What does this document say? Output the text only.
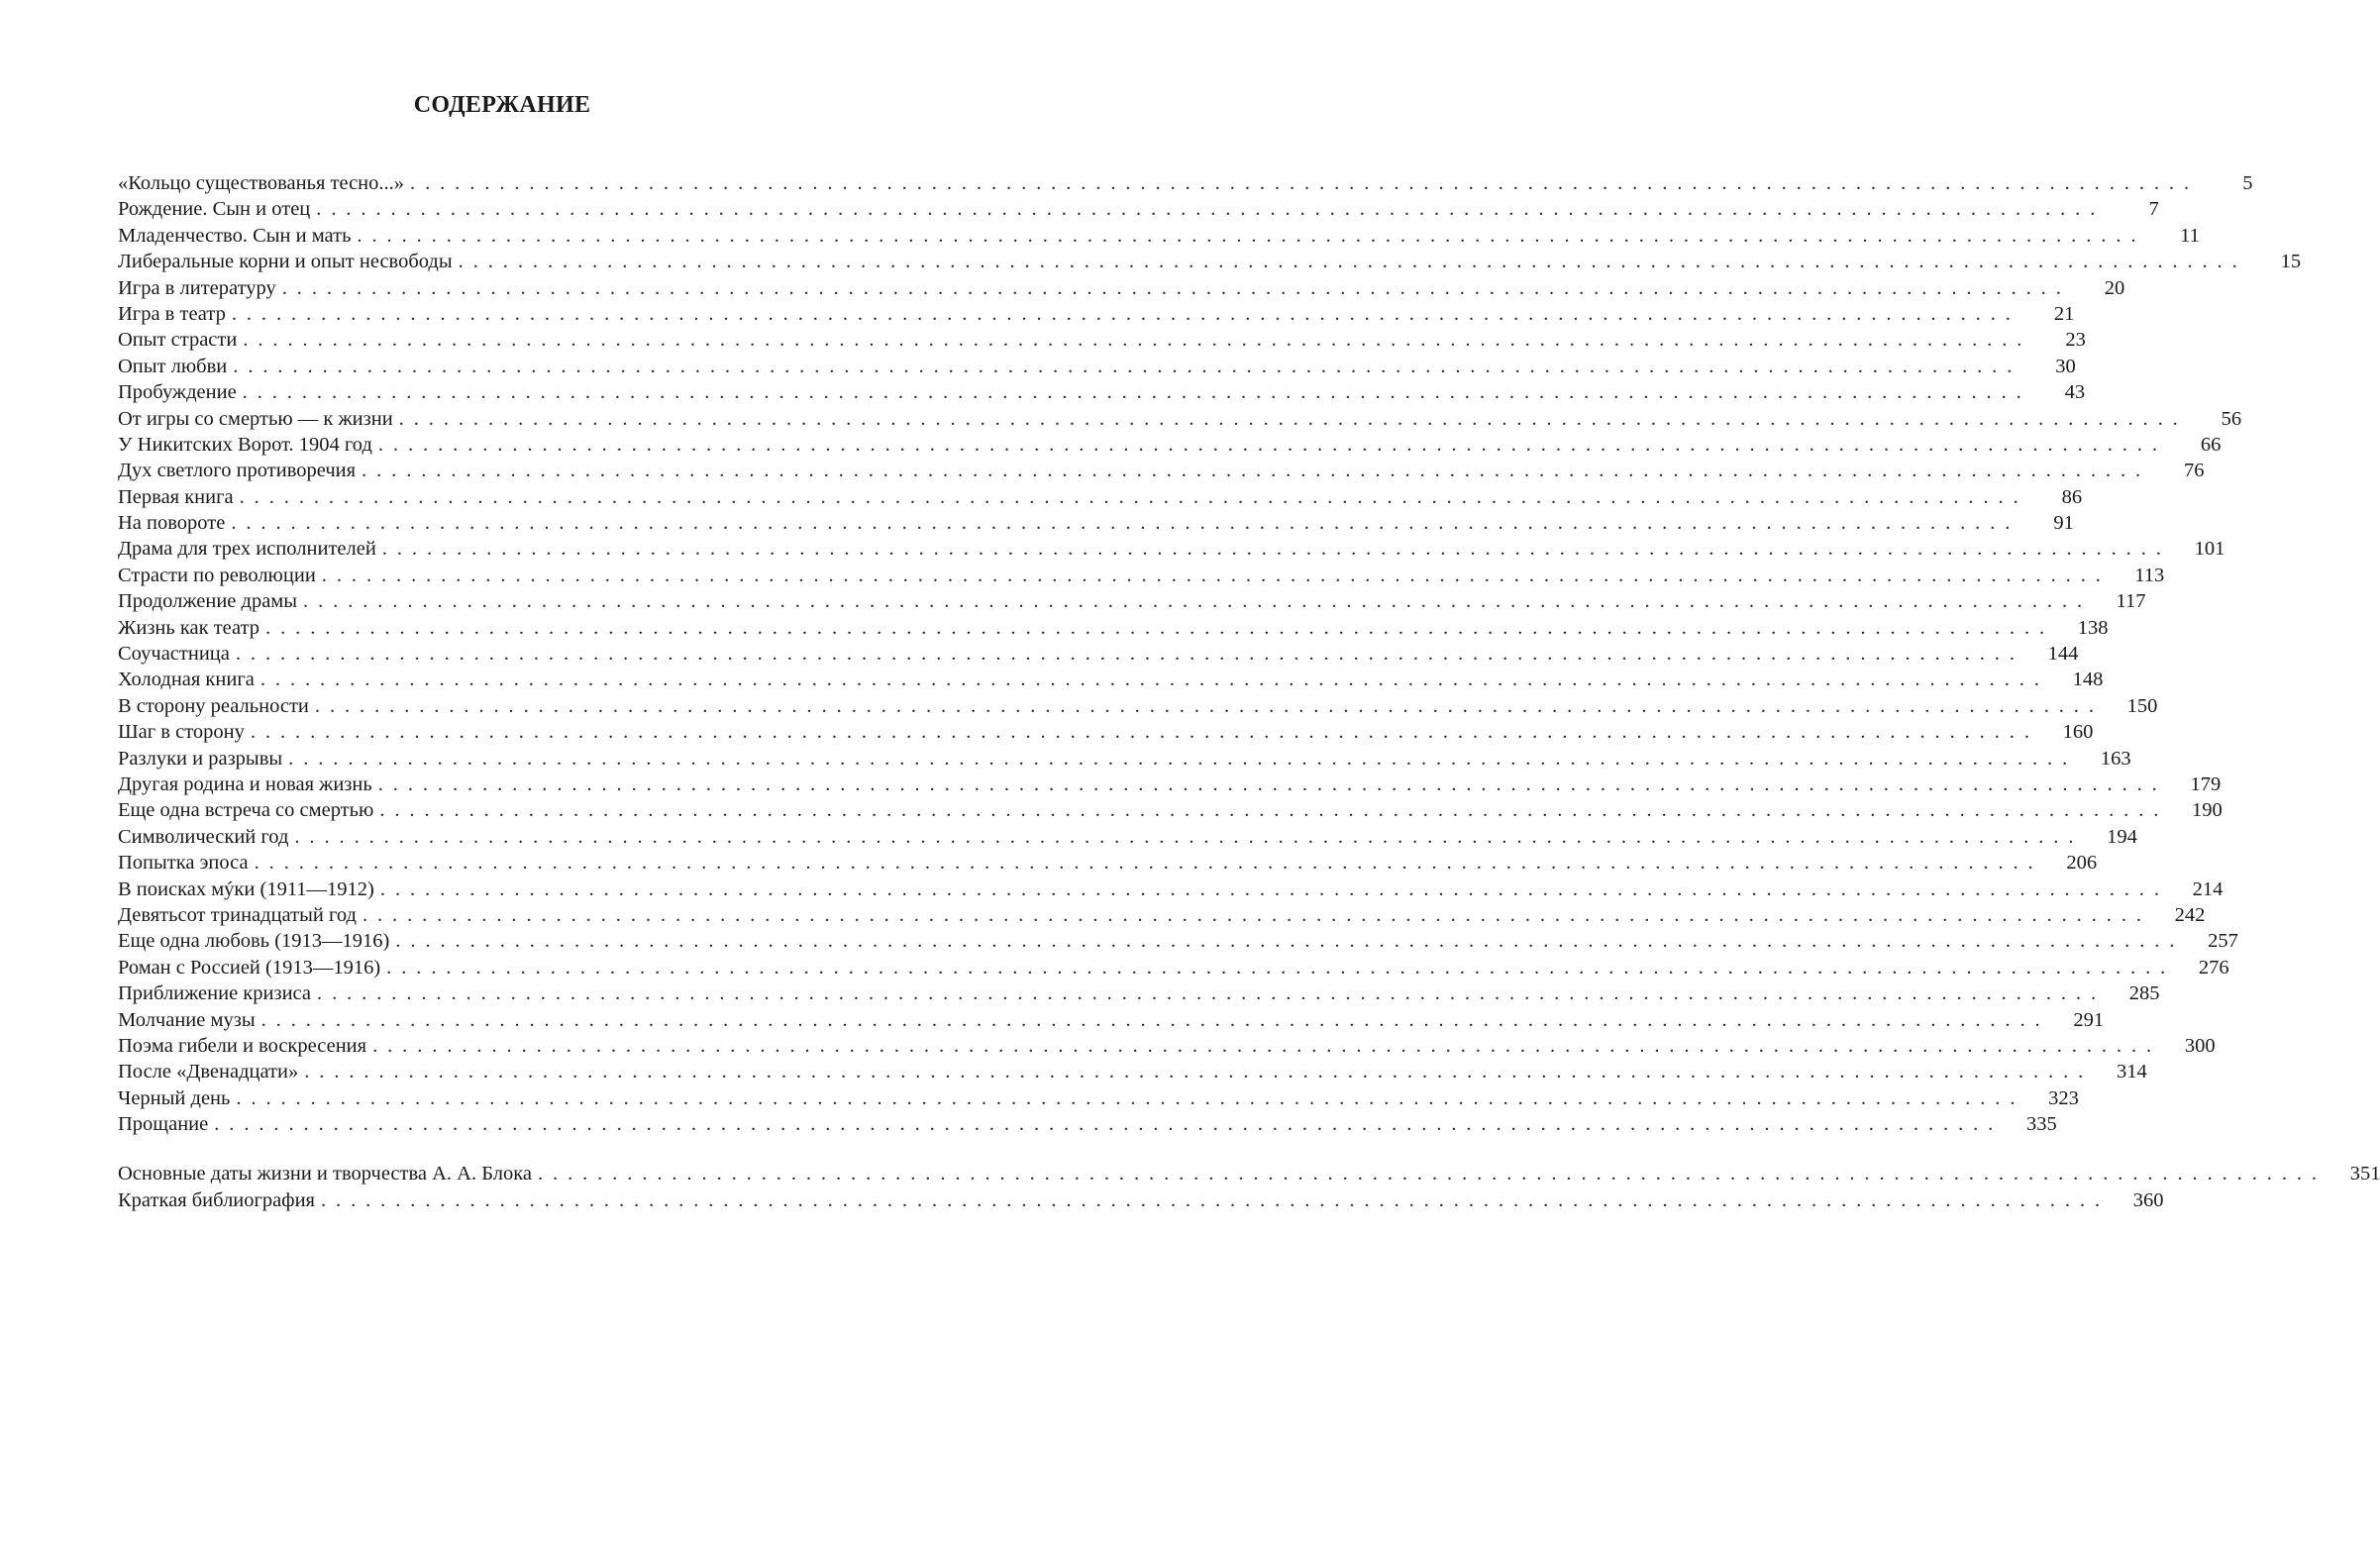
СОДЕРЖАНИЕ
«Кольцо существованья тесно...» . . . . . . . . . . . . . . . . . . . . . . . . . . . . . . . . . . . . . . . . . . . . . . . . . . . . . . . . . . . . . . . . . . . . . . . . . . . . . . . . . . . . . . . . . . . . . . . . . . . . . . . . . . . . . . . . . . . . . . . .	5
Рождение. Сын и отец . . . . . . . . . . . . . . . . . . . . . . . . . . . . . . . . . . . . . . . . . . . . . . . . . . . . . . . . . . . . . . . . . . . . . . . . . . . . . . . . . . . . . . . . . . . . . . . . . . . . . . . . . . . . . . . . . . . . . . . .	7
Младенчество. Сын и мать . . . . . . . . . . . . . . . . . . . . . . . . . . . . . . . . . . . . . . . . . . . . . . . . . . . . . . . . . . . . . . . . . . . . . . . . . . . . . . . . . . . . . . . . . . . . . . . . . . . . . . . . . . . . . . . . . . . . . . . .	11
Либеральные корни и опыт несвободы . . . . . . . . . . . . . . . . . . . . . . . . . . . . . . . . . . . . . . . . . . . . . . . . . . . . . . . . . . . . . . . . . . . . . . . . . . . . . . . . . . . . . . . . . . . . . . . . . . . . . . . . . . . . . . . . . . . . . . . .	15
Игра в литературу . . . . . . . . . . . . . . . . . . . . . . . . . . . . . . . . . . . . . . . . . . . . . . . . . . . . . . . . . . . . . . . . . . . . . . . . . . . . . . . . . . . . . . . . . . . . . . . . . . . . . . . . . . . . . . . . . . . . . . . .	20
Игра в театр . . . . . . . . . . . . . . . . . . . . . . . . . . . . . . . . . . . . . . . . . . . . . . . . . . . . . . . . . . . . . . . . . . . . . . . . . . . . . . . . . . . . . . . . . . . . . . . . . . . . . . . . . . . . . . . . . . . . . . . .	21
Опыт страсти . . . . . . . . . . . . . . . . . . . . . . . . . . . . . . . . . . . . . . . . . . . . . . . . . . . . . . . . . . . . . . . . . . . . . . . . . . . . . . . . . . . . . . . . . . . . . . . . . . . . . . . . . . . . . . . . . . . . . . . .	23
Опыт любви . . . . . . . . . . . . . . . . . . . . . . . . . . . . . . . . . . . . . . . . . . . . . . . . . . . . . . . . . . . . . . . . . . . . . . . . . . . . . . . . . . . . . . . . . . . . . . . . . . . . . . . . . . . . . . . . . . . . . . . .	30
Пробуждение . . . . . . . . . . . . . . . . . . . . . . . . . . . . . . . . . . . . . . . . . . . . . . . . . . . . . . . . . . . . . . . . . . . . . . . . . . . . . . . . . . . . . . . . . . . . . . . . . . . . . . . . . . . . . . . . . . . . . . . .	43
От игры со смертью — к жизни . . . . . . . . . . . . . . . . . . . . . . . . . . . . . . . . . . . . . . . . . . . . . . . . . . . . . . . . . . . . . . . . . . . . . . . . . . . . . . . . . . . . . . . . . . . . . . . . . . . . . . . . . . . . . . . . . . . . . . . .	56
У Никитских Ворот. 1904 год . . . . . . . . . . . . . . . . . . . . . . . . . . . . . . . . . . . . . . . . . . . . . . . . . . . . . . . . . . . . . . . . . . . . . . . . . . . . . . . . . . . . . . . . . . . . . . . . . . . . . . . . . . . . . . . . . . . . . . . .	66
Дух светлого противоречия . . . . . . . . . . . . . . . . . . . . . . . . . . . . . . . . . . . . . . . . . . . . . . . . . . . . . . . . . . . . . . . . . . . . . . . . . . . . . . . . . . . . . . . . . . . . . . . . . . . . . . . . . . . . . . . . . . . . . . . .	76
Первая книга . . . . . . . . . . . . . . . . . . . . . . . . . . . . . . . . . . . . . . . . . . . . . . . . . . . . . . . . . . . . . . . . . . . . . . . . . . . . . . . . . . . . . . . . . . . . . . . . . . . . . . . . . . . . . . . . . . . . . . . .	86
На повороте . . . . . . . . . . . . . . . . . . . . . . . . . . . . . . . . . . . . . . . . . . . . . . . . . . . . . . . . . . . . . . . . . . . . . . . . . . . . . . . . . . . . . . . . . . . . . . . . . . . . . . . . . . . . . . . . . . . . . . . .	91
Драма для трех исполнителей . . . . . . . . . . . . . . . . . . . . . . . . . . . . . . . . . . . . . . . . . . . . . . . . . . . . . . . . . . . . . . . . . . . . . . . . . . . . . . . . . . . . . . . . . . . . . . . . . . . . . . . . . . . . . . . . . . . . . . . .	101
Страсти по революции . . . . . . . . . . . . . . . . . . . . . . . . . . . . . . . . . . . . . . . . . . . . . . . . . . . . . . . . . . . . . . . . . . . . . . . . . . . . . . . . . . . . . . . . . . . . . . . . . . . . . . . . . . . . . . . . . . . . . . . .	113
Продолжение драмы . . . . . . . . . . . . . . . . . . . . . . . . . . . . . . . . . . . . . . . . . . . . . . . . . . . . . . . . . . . . . . . . . . . . . . . . . . . . . . . . . . . . . . . . . . . . . . . . . . . . . . . . . . . . . . . . . . . . . . . .	117
Жизнь как театр . . . . . . . . . . . . . . . . . . . . . . . . . . . . . . . . . . . . . . . . . . . . . . . . . . . . . . . . . . . . . . . . . . . . . . . . . . . . . . . . . . . . . . . . . . . . . . . . . . . . . . . . . . . . . . . . . . . . . . . .	138
Соучастница . . . . . . . . . . . . . . . . . . . . . . . . . . . . . . . . . . . . . . . . . . . . . . . . . . . . . . . . . . . . . . . . . . . . . . . . . . . . . . . . . . . . . . . . . . . . . . . . . . . . . . . . . . . . . . . . . . . . . . . .	144
Холодная книга . . . . . . . . . . . . . . . . . . . . . . . . . . . . . . . . . . . . . . . . . . . . . . . . . . . . . . . . . . . . . . . . . . . . . . . . . . . . . . . . . . . . . . . . . . . . . . . . . . . . . . . . . . . . . . . . . . . . . . . .	148
В сторону реальности . . . . . . . . . . . . . . . . . . . . . . . . . . . . . . . . . . . . . . . . . . . . . . . . . . . . . . . . . . . . . . . . . . . . . . . . . . . . . . . . . . . . . . . . . . . . . . . . . . . . . . . . . . . . . . . . . . . . . . . .	150
Шаг в сторону . . . . . . . . . . . . . . . . . . . . . . . . . . . . . . . . . . . . . . . . . . . . . . . . . . . . . . . . . . . . . . . . . . . . . . . . . . . . . . . . . . . . . . . . . . . . . . . . . . . . . . . . . . . . . . . . . . . . . . . .	160
Разлуки и разрывы . . . . . . . . . . . . . . . . . . . . . . . . . . . . . . . . . . . . . . . . . . . . . . . . . . . . . . . . . . . . . . . . . . . . . . . . . . . . . . . . . . . . . . . . . . . . . . . . . . . . . . . . . . . . . . . . . . . . . . . .	163
Другая родина и новая жизнь . . . . . . . . . . . . . . . . . . . . . . . . . . . . . . . . . . . . . . . . . . . . . . . . . . . . . . . . . . . . . . . . . . . . . . . . . . . . . . . . . . . . . . . . . . . . . . . . . . . . . . . . . . . . . . . . . . . . . . . .	179
Еще одна встреча со смертью . . . . . . . . . . . . . . . . . . . . . . . . . . . . . . . . . . . . . . . . . . . . . . . . . . . . . . . . . . . . . . . . . . . . . . . . . . . . . . . . . . . . . . . . . . . . . . . . . . . . . . . . . . . . . . . . . . . . . . . .	190
Символический год . . . . . . . . . . . . . . . . . . . . . . . . . . . . . . . . . . . . . . . . . . . . . . . . . . . . . . . . . . . . . . . . . . . . . . . . . . . . . . . . . . . . . . . . . . . . . . . . . . . . . . . . . . . . . . . . . . . . . . . .	194
Попытка эпоса . . . . . . . . . . . . . . . . . . . . . . . . . . . . . . . . . . . . . . . . . . . . . . . . . . . . . . . . . . . . . . . . . . . . . . . . . . . . . . . . . . . . . . . . . . . . . . . . . . . . . . . . . . . . . . . . . . . . . . . .	206
В поисках мýки (1911—1912) . . . . . . . . . . . . . . . . . . . . . . . . . . . . . . . . . . . . . . . . . . . . . . . . . . . . . . . . . . . . . . . . . . . . . . . . . . . . . . . . . . . . . . . . . . . . . . . . . . . . . . . . . . . . . . . . . . . . . . . .	214
Девятьсот тринадцатый год . . . . . . . . . . . . . . . . . . . . . . . . . . . . . . . . . . . . . . . . . . . . . . . . . . . . . . . . . . . . . . . . . . . . . . . . . . . . . . . . . . . . . . . . . . . . . . . . . . . . . . . . . . . . . . . . . . . . . . . .	242
Еще одна любовь (1913—1916) . . . . . . . . . . . . . . . . . . . . . . . . . . . . . . . . . . . . . . . . . . . . . . . . . . . . . . . . . . . . . . . . . . . . . . . . . . . . . . . . . . . . . . . . . . . . . . . . . . . . . . . . . . . . . . . . . . . . . . . .	257
Роман с Россией (1913—1916) . . . . . . . . . . . . . . . . . . . . . . . . . . . . . . . . . . . . . . . . . . . . . . . . . . . . . . . . . . . . . . . . . . . . . . . . . . . . . . . . . . . . . . . . . . . . . . . . . . . . . . . . . . . . . . . . . . . . . . . .	276
Приближение кризиса . . . . . . . . . . . . . . . . . . . . . . . . . . . . . . . . . . . . . . . . . . . . . . . . . . . . . . . . . . . . . . . . . . . . . . . . . . . . . . . . . . . . . . . . . . . . . . . . . . . . . . . . . . . . . . . . . . . . . . . .	285
Молчание музы . . . . . . . . . . . . . . . . . . . . . . . . . . . . . . . . . . . . . . . . . . . . . . . . . . . . . . . . . . . . . . . . . . . . . . . . . . . . . . . . . . . . . . . . . . . . . . . . . . . . . . . . . . . . . . . . . . . . . . . .	291
Поэма гибели и воскресения . . . . . . . . . . . . . . . . . . . . . . . . . . . . . . . . . . . . . . . . . . . . . . . . . . . . . . . . . . . . . . . . . . . . . . . . . . . . . . . . . . . . . . . . . . . . . . . . . . . . . . . . . . . . . . . . . . . . . . . .	300
После «Двенадцати» . . . . . . . . . . . . . . . . . . . . . . . . . . . . . . . . . . . . . . . . . . . . . . . . . . . . . . . . . . . . . . . . . . . . . . . . . . . . . . . . . . . . . . . . . . . . . . . . . . . . . . . . . . . . . . . . . . . . . . . .	314
Черный день . . . . . . . . . . . . . . . . . . . . . . . . . . . . . . . . . . . . . . . . . . . . . . . . . . . . . . . . . . . . . . . . . . . . . . . . . . . . . . . . . . . . . . . . . . . . . . . . . . . . . . . . . . . . . . . . . . . . . . . .	323
Прощание . . . . . . . . . . . . . . . . . . . . . . . . . . . . . . . . . . . . . . . . . . . . . . . . . . . . . . . . . . . . . . . . . . . . . . . . . . . . . . . . . . . . . . . . . . . . . . . . . . . . . . . . . . . . . . . . . . . . . . . .	335
Основные даты жизни и творчества А. А. Блока . . . . . . . . . . . . . . . . . . . . . . . . . . . . . . . . . . . . . . . . . . . . . . . . . . . . . . . . . . . . . . . . . . . . . . . . . . . . . . . . . . . . . . . . . . . . . . . . . . . . . . . . . . . . . . . . . . . . . . . .	351
Краткая библиография . . . . . . . . . . . . . . . . . . . . . . . . . . . . . . . . . . . . . . . . . . . . . . . . . . . . . . . . . . . . . . . . . . . . . . . . . . . . . . . . . . . . . . . . . . . . . . . . . . . . . . . . . . . . . . . . . . . . . . . .	360
